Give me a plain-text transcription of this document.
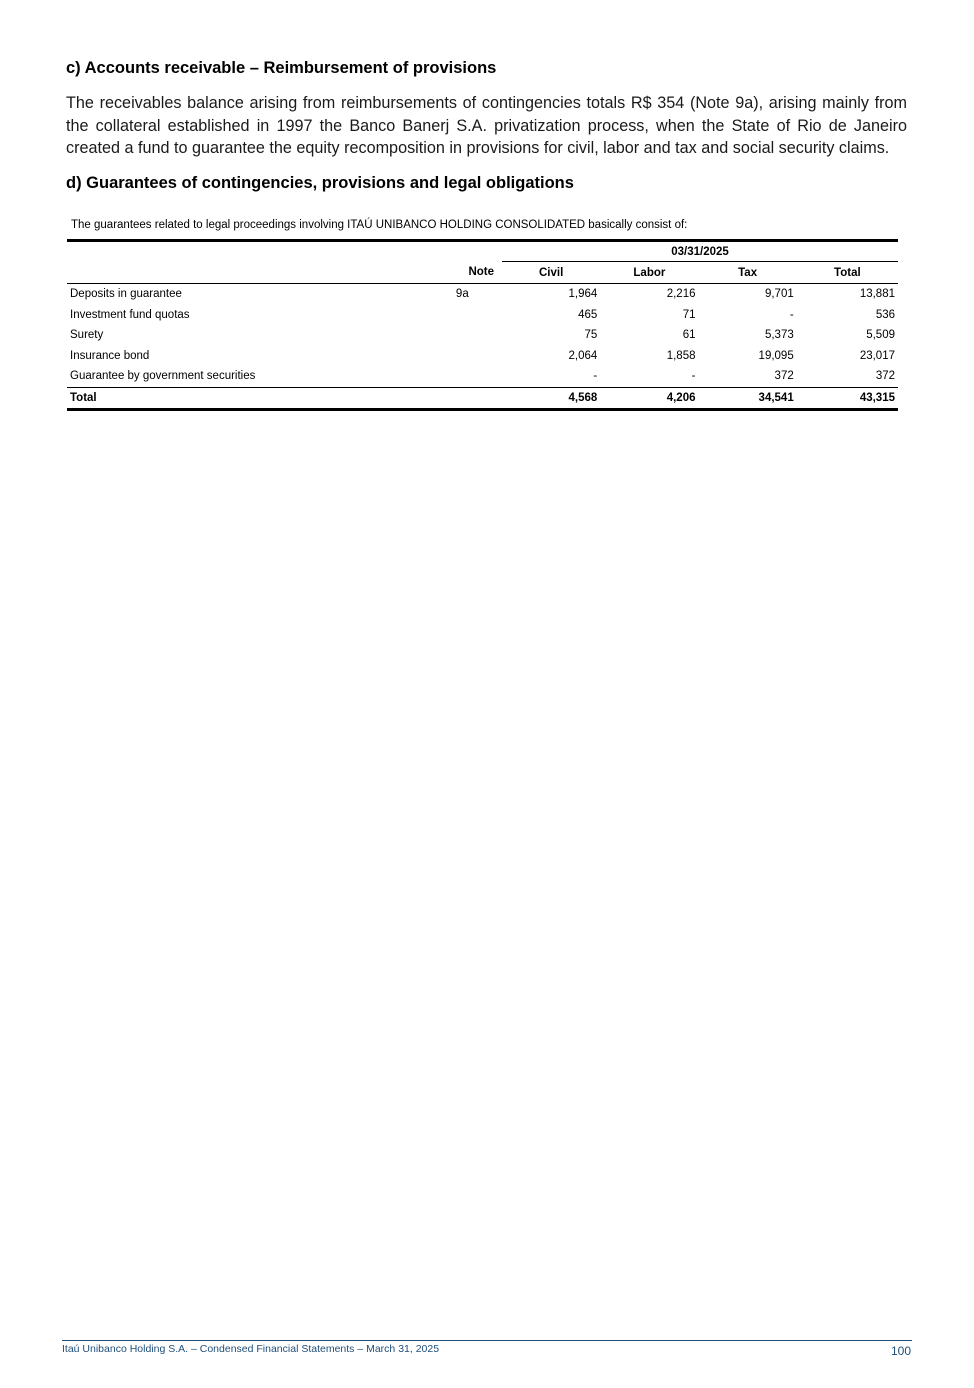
c) Accounts receivable – Reimbursement of provisions

The receivables balance arising from reimbursements of contingencies totals R$ 354 (Note 9a), arising mainly from the collateral established in 1997 the Banco Banerj S.A. privatization process, when the State of Rio de Janeiro created a fund to guarantee the equity recomposition in provisions for civil, labor and tax and social security claims.

d) Guarantees of contingencies, provisions and legal obligations

The guarantees related to legal proceedings involving ITAÚ UNIBANCO HOLDING CONSOLIDATED basically consist of:

		03/31/2025			
	Note	Civil	Labor	Tax	Total
Deposits in guarantee	9a	1,964	2,216	9,701	13,881
Investment fund quotas		465	71	-	536
Surety		75	61	5,373	5,509
Insurance bond		2,064	1,858	19,095	23,017
Guarantee by government securities		-	-	372	372
Total		4,568	4,206	34,541	43,315
Itaú Unibanco Holding S.A. – Condensed Financial Statements – March 31, 2025	100
